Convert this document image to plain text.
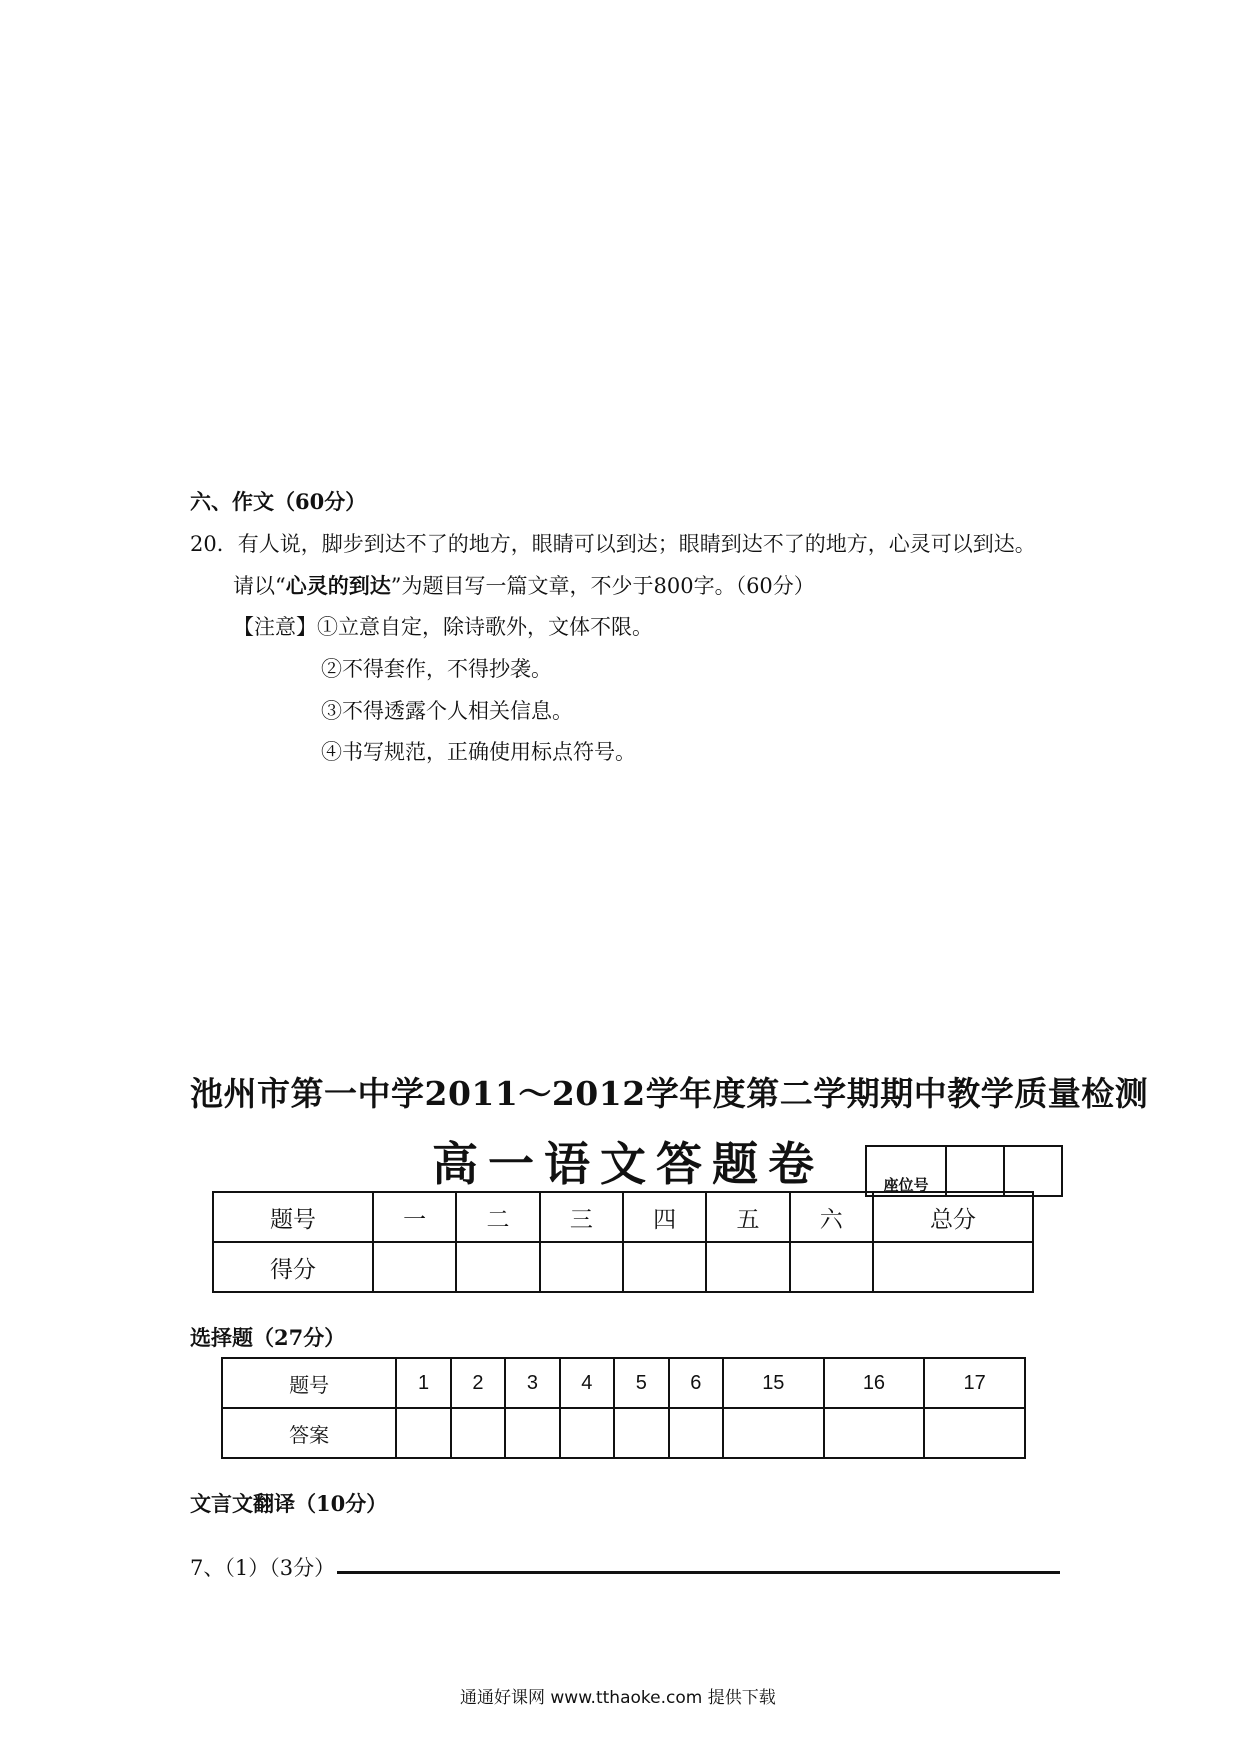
六、作文（60分）
20．有人说，脚步到达不了的地方，眼睛可以到达；眼睛到达不了的地方，心灵可以到达。
请以“心灵的到达”为题目写一篇文章，不少于800字。（60分）
【注意】①立意自定，除诗歌外，文体不限。
②不得套作，不得抄袭。
③不得透露个人相关信息。
④书写规范，正确使用标点符号。
池州市第一中学2011～2012学年度第二学期期中教学质量检测
高一语文答题卷	座位号		
题号	一	二	三	四	五	六	总分
得分							
选择题（27分）
题号	1	2	3	4	5	6	15	16	17
答案									
文言文翻译（10分）
7、（1）（3分）
通通好课网 www.tthaoke.com 提供下载
